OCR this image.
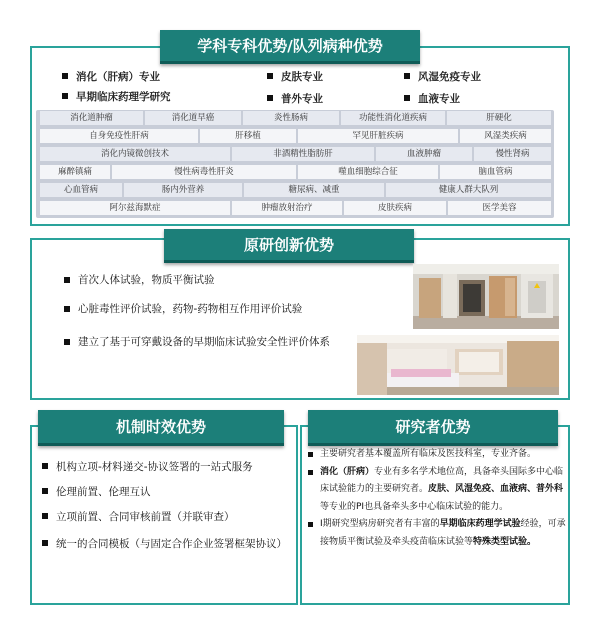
学科专科优势/队列病种优势
消化（肝病）专业	皮肤专业	风湿免疫专业
早期临床药理学研究	普外专业	血液专业
消化道肿瘤	消化道早癌	炎性肠病	功能性消化道疾病	肝硬化
自身免疫性肝病	肝移植	罕见肝脏疾病	风湿类疾病
消化内镜微创技术	非酒精性脂肪肝	血液肿瘤	慢性肾病
麻醉镇痛	慢性病毒性肝炎	噬血细胞综合征	脑血管病
心血管病	肠内外营养	糖尿病、减重	健康人群大队列
阿尔兹海默症	肿瘤放射治疗	皮肤疾病	医学美容
原研创新优势
首次人体试验，物质平衡试验
心脏毒性评价试验，药物-药物相互作用评价试验
建立了基于可穿戴设备的早期临床试验安全性评价体系
机制时效优势
机构立项-材料递交-协议签署的一站式服务
伦理前置、伦理互认
立项前置、合同审核前置（并联审查）
统一的合同模板（与固定合作企业签署框架协议）
研究者优势
主要研究者基本覆盖所有临床及医技科室，专业齐备。
消化（肝病）专业有多名学术地位高，具备牵头国际多中心临床试验能力的主要研究者。皮肤、风湿免疫、血液病、普外科等专业的PI也具备牵头多中心临床试验的能力。
Ⅰ期研究型病房研究者有丰富的早期临床药理学试验经验，可承接物质平衡试验及牵头疫苗临床试验等特殊类型试验。
